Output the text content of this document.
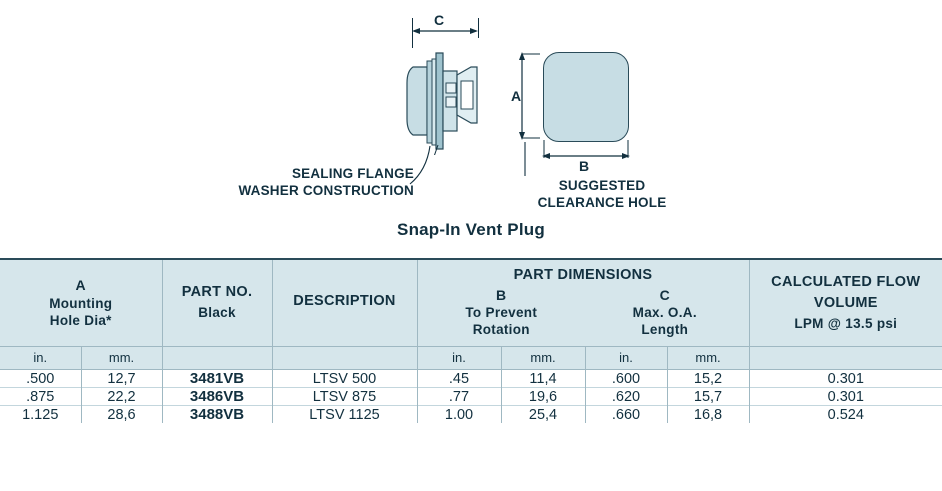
C
A
B
SEALING FLANGE
WASHER CONSTRUCTION	SUGGESTED
CLEARANCE HOLE
Snap-In Vent Plug
A
Mounting
Hole Dia*

PART NO.
Black

DESCRIPTION

PART DIMENSIONS
B
To Prevent
Rotation
C
Max. O.A.
Length

CALCULATED FLOW
VOLUME
LPM @ 13.5 psi

in.	mm.			in.	mm.	in.	mm.	
.500	12,7	3481VB	LTSV 500	.45	11,4	.600	15,2	0.301
.875	22,2	3486VB	LTSV 875	.77	19,6	.620	15,7	0.301
1.125	28,6	3488VB	LTSV 1125	1.00	25,4	.660	16,8	0.524
